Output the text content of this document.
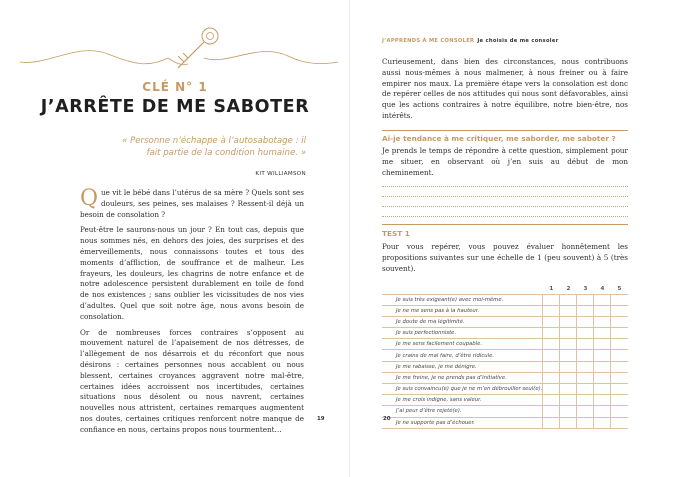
CLÉ N° 1
J’ARRÊTE DE ME SABOTER
« Personne n’échappe à l’autosabotage : il fait partie de la condition humaine. »
KIT WILLIAMSON

Que vit le bébé dans l’utérus de sa mère ? Quels sont ses douleurs, ses peines, ses malaises ? Ressent-il déjà un besoin de consolation ?

Peut-être le saurons-nous un jour ? En tout cas, depuis que nous sommes nés, en dehors des joies, des surprises et des émerveillements, nous connaissons toutes et tous des moments d’affliction, de souffrance et de malheur. Les frayeurs, les douleurs, les chagrins de notre enfance et de notre adolescence persistent durablement en toile de fond de nos existences ; sans oublier les vicissitudes de nos vies d’adultes. Quel que soit notre âge, nous avons besoin de consolation.

Or de nombreuses forces contraires s’opposent au mouvement naturel de l’apaisement de nos détresses, de l’allègement de nos désarrois et du réconfort que nous désirons : certaines personnes nous accablent ou nous blessent, certaines croyances aggravent notre mal-être, certaines idées accroissent nos incertitudes, certaines situations nous désolent ou nous navrent, certaines nouvelles nous attristent, certaines remarques augmentent nos doutes, certaines critiques renforcent notre manque de confiance en nous, certains propos nous tourmentent…

19
J’APPRENDS À ME CONSOLER Je choisis de me consoler
Curieusement, dans bien des circonstances, nous contribuons aussi nous-mêmes à nous malmener, à nous freiner ou à faire empirer nos maux. La première étape vers la consolation est donc de repérer celles de nos attitudes qui nous sont défavorables, ainsi que les actions contraires à notre équilibre, notre bien-être, nos intérêts.
Ai-je tendance à me critiquer, me saborder, me saboter ?
Je prends le temps de répondre à cette question, simplement pour me situer, en observant où j’en suis au début de mon cheminement.
TEST 1
Pour vous repérer, vous pouvez évaluer honnêtement les propositions suivantes sur une échelle de 1 (peu souvent) à 5 (très souvent).
	1	2	3	4	5
Je suis très exigeant(e) avec moi-même.					
Je ne me sens pas à la hauteur.					
Je doute de ma légitimité.					
Je suis perfectionniste.					
Je me sens facilement coupable.					
Je crains de mal faire, d’être ridicule.					
Je me rabaisse, je me dénigre.					
Je me freine, je ne prends pas d’initiative.					
Je suis convaincu(e) que je ne m’en débrouiller seul(e).					
Je me crois indigne, sans valeur.					
J’ai peur d’être rejeté(e).					
Je ne supporte pas d’échouer.					
20
